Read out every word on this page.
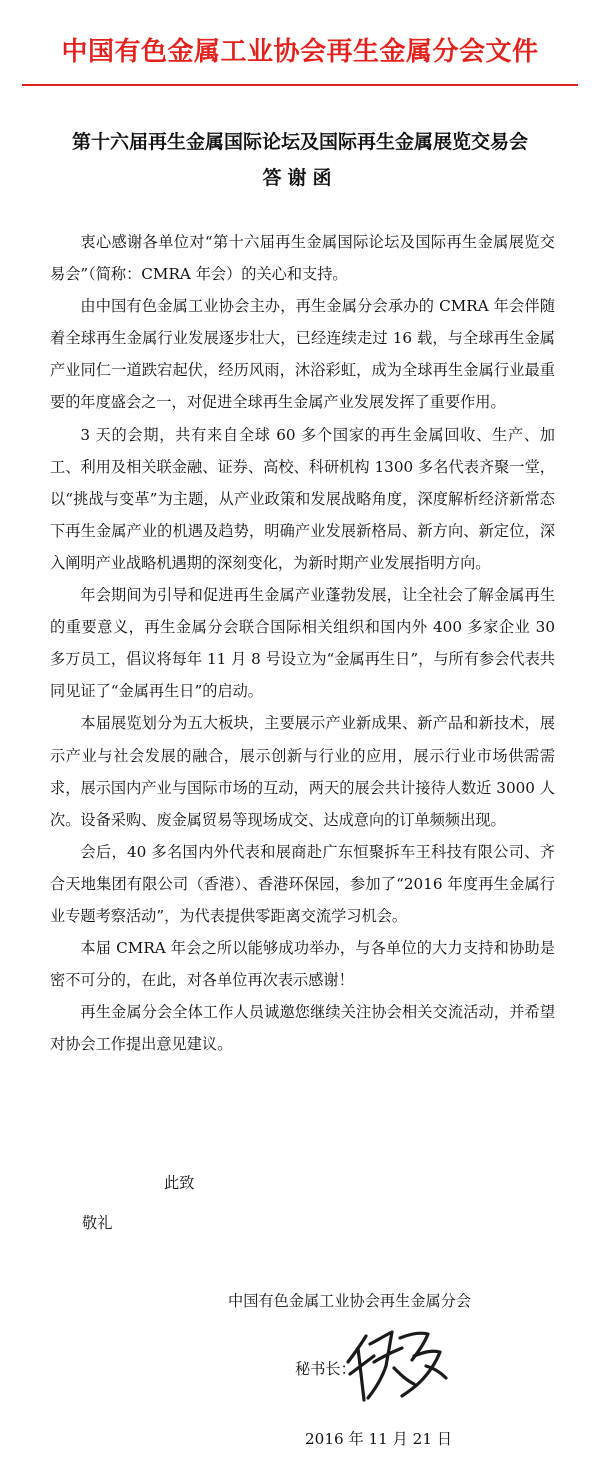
中国有色金属工业协会再生金属分会文件
第十六届再生金属国际论坛及国际再生金属展览交易会
答谢函

衷心感谢各单位对“第十六届再生金属国际论坛及国际再生金属展览交易会”（简称：CMRA 年会）的关心和支持。

由中国有色金属工业协会主办，再生金属分会承办的 CMRA 年会伴随着全球再生金属行业发展逐步壮大，已经连续走过 16 载，与全球再生金属产业同仁一道跌宕起伏，经历风雨，沐浴彩虹，成为全球再生金属行业最重要的年度盛会之一，对促进全球再生金属产业发展发挥了重要作用。

3 天的会期，共有来自全球 60 多个国家的再生金属回收、生产、加工、利用及相关联金融、证券、高校、科研机构 1300 多名代表齐聚一堂，以“挑战与变革”为主题，从产业政策和发展战略角度，深度解析经济新常态下再生金属产业的机遇及趋势，明确产业发展新格局、新方向、新定位，深入阐明产业战略机遇期的深刻变化，为新时期产业发展指明方向。

年会期间为引导和促进再生金属产业蓬勃发展，让全社会了解金属再生的重要意义，再生金属分会联合国际相关组织和国内外 400 多家企业 30 多万员工，倡议将每年 11 月 8 号设立为“金属再生日”，与所有参会代表共同见证了“金属再生日”的启动。

本届展览划分为五大板块，主要展示产业新成果、新产品和新技术，展示产业与社会发展的融合，展示创新与行业的应用，展示行业市场供需需求，展示国内产业与国际市场的互动，两天的展会共计接待人数近 3000 人次。设备采购、废金属贸易等现场成交、达成意向的订单频频出现。

会后，40 多名国内外代表和展商赴广东恒聚拆车王科技有限公司、齐合天地集团有限公司（香港）、香港环保园，参加了“2016 年度再生金属行业专题考察活动”，为代表提供零距离交流学习机会。

本届 CMRA 年会之所以能够成功举办，与各单位的大力支持和协助是密不可分的，在此，对各单位再次表示感谢！

再生金属分会全体工作人员诚邀您继续关注协会相关交流活动，并希望对协会工作提出意见建议。

此致
敬礼
中国有色金属工业协会再生金属分会
秘书长：
2016 年 11 月 21 日
